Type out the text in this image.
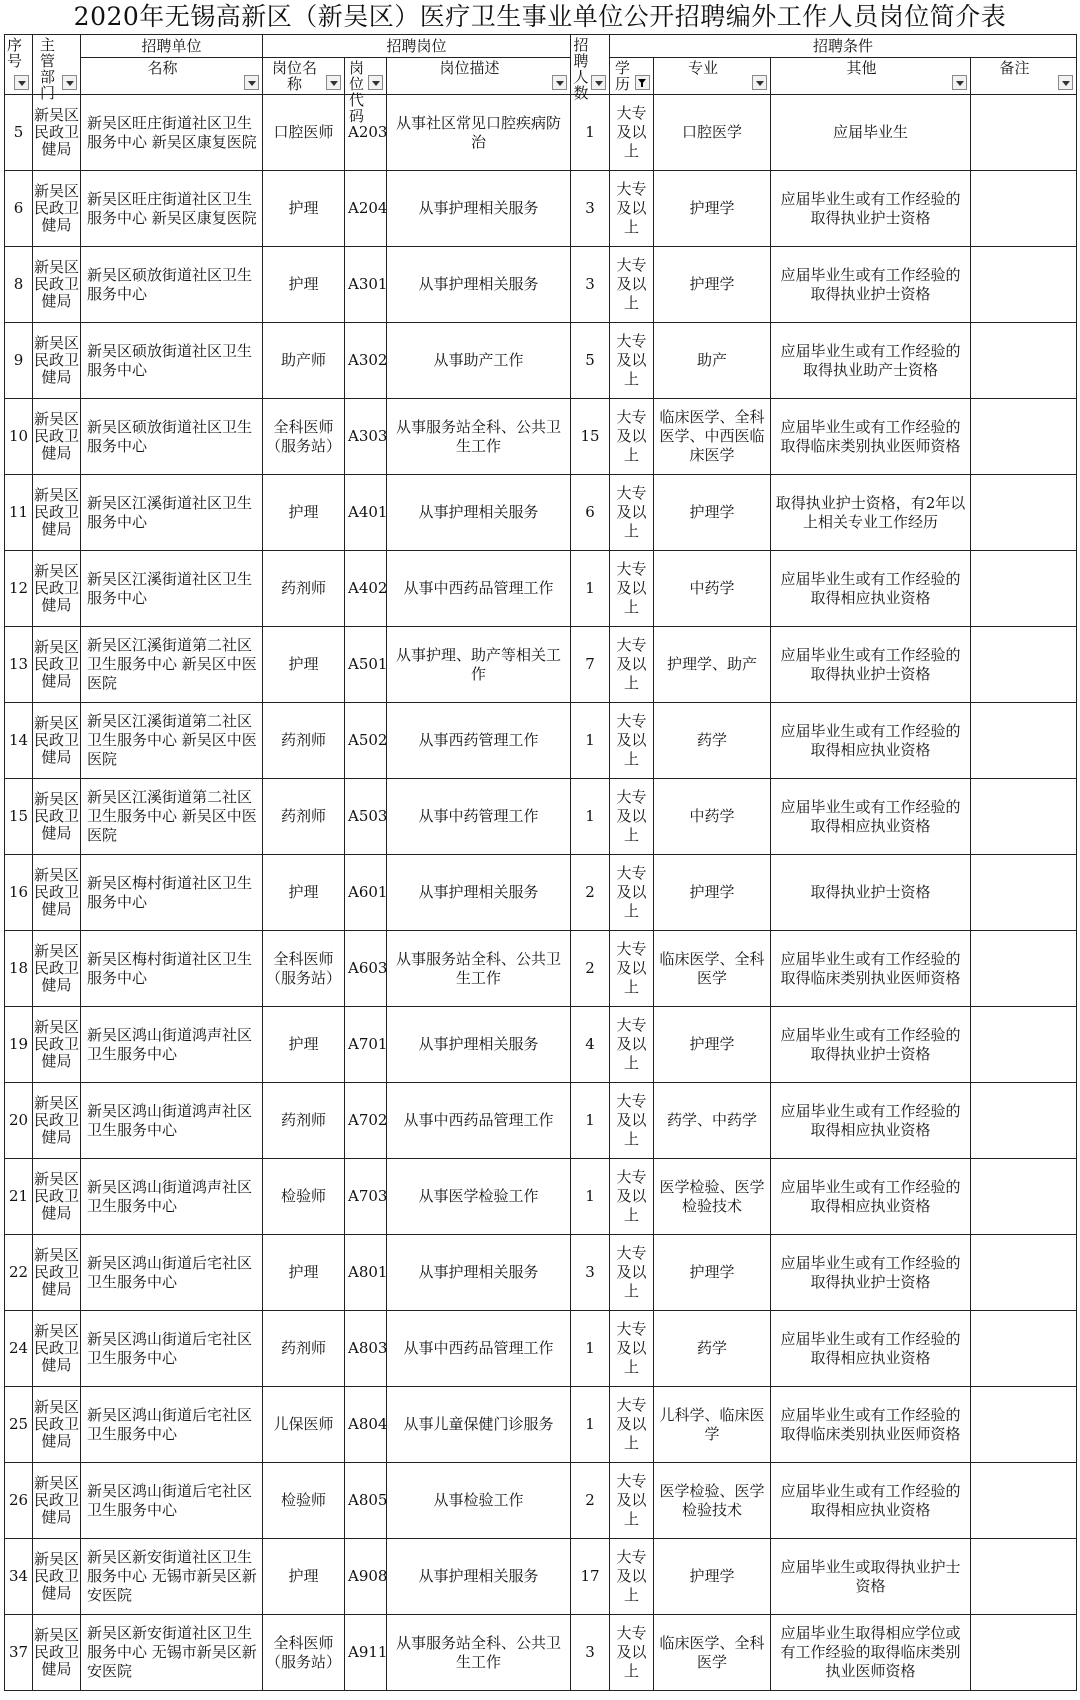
2020年无锡高新区（新吴区）医疗卫生事业单位公开招聘编外工作人员岗位简介表
序号	主管部门	招聘单位	招聘岗位			招聘人数	招聘条件			

		名称	岗位名称	岗位代码	岗位描述		学历	专业	其他	备注

5	新吴区民政卫健局	新吴区旺庄街道社区卫生服务中心 新吴区康复医院	口腔医师	A203	从事社区常见口腔疾病防治	1	大专及以上	口腔医学	应届毕业生	
6	新吴区民政卫健局	新吴区旺庄街道社区卫生服务中心 新吴区康复医院	护理	A204	从事护理相关服务	3	大专及以上	护理学	应届毕业生或有工作经验的取得执业护士资格	
8	新吴区民政卫健局	新吴区硕放街道社区卫生服务中心	护理	A301	从事护理相关服务	3	大专及以上	护理学	应届毕业生或有工作经验的取得执业护士资格	
9	新吴区民政卫健局	新吴区硕放街道社区卫生服务中心	助产师	A302	从事助产工作	5	大专及以上	助产	应届毕业生或有工作经验的取得执业助产士资格	
10	新吴区民政卫健局	新吴区硕放街道社区卫生服务中心	全科医师（服务站）	A303	从事服务站全科、公共卫生工作	15	大专及以上	临床医学、全科医学、中西医临床医学	应届毕业生或有工作经验的取得临床类别执业医师资格	
11	新吴区民政卫健局	新吴区江溪街道社区卫生服务中心	护理	A401	从事护理相关服务	6	大专及以上	护理学	取得执业护士资格，有2年以上相关专业工作经历	
12	新吴区民政卫健局	新吴区江溪街道社区卫生服务中心	药剂师	A402	从事中西药品管理工作	1	大专及以上	中药学	应届毕业生或有工作经验的取得相应执业资格	
13	新吴区民政卫健局	新吴区江溪街道第二社区卫生服务中心 新吴区中医医院	护理	A501	从事护理、助产等相关工作	7	大专及以上	护理学、助产	应届毕业生或有工作经验的取得执业护士资格	
14	新吴区民政卫健局	新吴区江溪街道第二社区卫生服务中心 新吴区中医医院	药剂师	A502	从事西药管理工作	1	大专及以上	药学	应届毕业生或有工作经验的取得相应执业资格	
15	新吴区民政卫健局	新吴区江溪街道第二社区卫生服务中心 新吴区中医医院	药剂师	A503	从事中药管理工作	1	大专及以上	中药学	应届毕业生或有工作经验的取得相应执业资格	
16	新吴区民政卫健局	新吴区梅村街道社区卫生服务中心	护理	A601	从事护理相关服务	2	大专及以上	护理学	取得执业护士资格	
18	新吴区民政卫健局	新吴区梅村街道社区卫生服务中心	全科医师（服务站）	A603	从事服务站全科、公共卫生工作	2	大专及以上	临床医学、全科医学	应届毕业生或有工作经验的取得临床类别执业医师资格	
19	新吴区民政卫健局	新吴区鸿山街道鸿声社区卫生服务中心	护理	A701	从事护理相关服务	4	大专及以上	护理学	应届毕业生或有工作经验的取得执业护士资格	
20	新吴区民政卫健局	新吴区鸿山街道鸿声社区卫生服务中心	药剂师	A702	从事中西药品管理工作	1	大专及以上	药学、中药学	应届毕业生或有工作经验的取得相应执业资格	
21	新吴区民政卫健局	新吴区鸿山街道鸿声社区卫生服务中心	检验师	A703	从事医学检验工作	1	大专及以上	医学检验、医学检验技术	应届毕业生或有工作经验的取得相应执业资格	
22	新吴区民政卫健局	新吴区鸿山街道后宅社区卫生服务中心	护理	A801	从事护理相关服务	3	大专及以上	护理学	应届毕业生或有工作经验的取得执业护士资格	
24	新吴区民政卫健局	新吴区鸿山街道后宅社区卫生服务中心	药剂师	A803	从事中西药品管理工作	1	大专及以上	药学	应届毕业生或有工作经验的取得相应执业资格	
25	新吴区民政卫健局	新吴区鸿山街道后宅社区卫生服务中心	儿保医师	A804	从事儿童保健门诊服务	1	大专及以上	儿科学、临床医学	应届毕业生或有工作经验的取得临床类别执业医师资格	
26	新吴区民政卫健局	新吴区鸿山街道后宅社区卫生服务中心	检验师	A805	从事检验工作	2	大专及以上	医学检验、医学检验技术	应届毕业生或有工作经验的取得相应执业资格	
34	新吴区民政卫健局	新吴区新安街道社区卫生服务中心 无锡市新吴区新安医院	护理	A908	从事护理相关服务	17	大专及以上	护理学	应届毕业生或取得执业护士资格	
37	新吴区民政卫健局	新吴区新安街道社区卫生服务中心 无锡市新吴区新安医院	全科医师（服务站）	A911	从事服务站全科、公共卫生工作	3	大专及以上	临床医学、全科医学	应届毕业生取得相应学位或有工作经验的取得临床类别执业医师资格	
